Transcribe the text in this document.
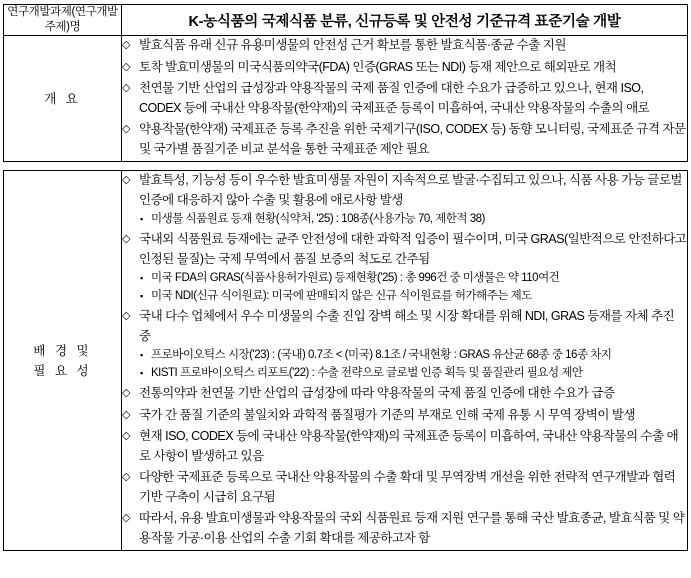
연구개발과제(연구개발주제)명	K-농식품의 국제식품 분류, 신규등록 및 안전성 기준규격 표준기술 개발

개 요

◇ 발효식품 유래 신규 유용미생물의 안전성 근거 확보를 통한 발효식품·종균 수출 지원
◇ 토착 발효미생물의 미국식품의약국(FDA) 인증(GRAS 또는 NDI) 등재 제안으로 해외판로 개척
◇ 천연물 기반 산업의 급성장과 약용작물의 국제 품질 인증에 대한 수요가 급증하고 있으나, 현재 ISO, CODEX 등에 국내산 약용작물(한약재)의 국제표준 등록이 미흡하여, 국내산 약용작물의 수출의 애로
◇ 약용작물(한약재) 국제표준 등록 추진을 위한 국제기구(ISO, CODEX 등) 동향 모니터링, 국제표준 규격 자문 및 국가별 품질기준 비교 분석을 통한 국제표준 제안 필요
배 경 및
필 요 성

◇ 발효특성, 기능성 등이 우수한 발효미생물 자원이 지속적으로 발굴·수집되고 있으나, 식품 사용 가능 글로벌 인증에 대응하지 않아 수출 및 활용에 애로사항 발생
▪ 미생물 식품원료 등재 현황(식약처, '25) : 108종(사용가능 70, 제한적 38)
◇ 국내외 식품원료 등재에는 균주 안전성에 대한 과학적 입증이 필수이며, 미국 GRAS(일반적으로 안전하다고 인정된 물질)는 국제 무역에서 품질 보증의 척도로 간주됨
▪ 미국 FDA의 GRAS(식품사용허가원료) 등재현황('25) : 총 996건 중 미생물은 약 110여건
▪ 미국 NDI(신규 식이원료): 미국에 판매되지 않은 신규 식이원료를 허가해주는 제도
◇ 국내 다수 업체에서 우수 미생물의 수출 진입 장벽 해소 및 시장 확대를 위해 NDI, GRAS 등재를 자체 추진 중
▪ 프로바이오틱스 시장('23) : (국내) 0.7조 < (미국) 8.1조 / 국내현황 : GRAS 유산균 68종 중 16종 차지
▪ KISTI 프로바이오틱스 리포트('22) : 수출 전략으로 글로벌 인증 획득 및 품질관리 필요성 제안
◇ 전통의약과 천연물 기반 산업의 급성장에 따라 약용작물의 국제 품질 인증에 대한 수요가 급증
◇ 국가 간 품질 기준의 불일치와 과학적 품질평가 기준의 부재로 인해 국제 유통 시 무역 장벽이 발생
◇ 현재 ISO, CODEX 등에 국내산 약용작물(한약재)의 국제표준 등록이 미흡하여, 국내산 약용작물의 수출 애로 사항이 발생하고 있음
◇ 다양한 국제표준 등록으로 국내산 약용작물의 수출 확대 및 무역장벽 개선을 위한 전략적 연구개발과 협력 기반 구축이 시급히 요구됨
◇ 따라서, 유용 발효미생물과 약용작물의 국외 식품원료 등재 지원 연구를 통해 국산 발효종균, 발효식품 및 약용작물 가공·이용 산업의 수출 기회 확대를 제공하고자 함
